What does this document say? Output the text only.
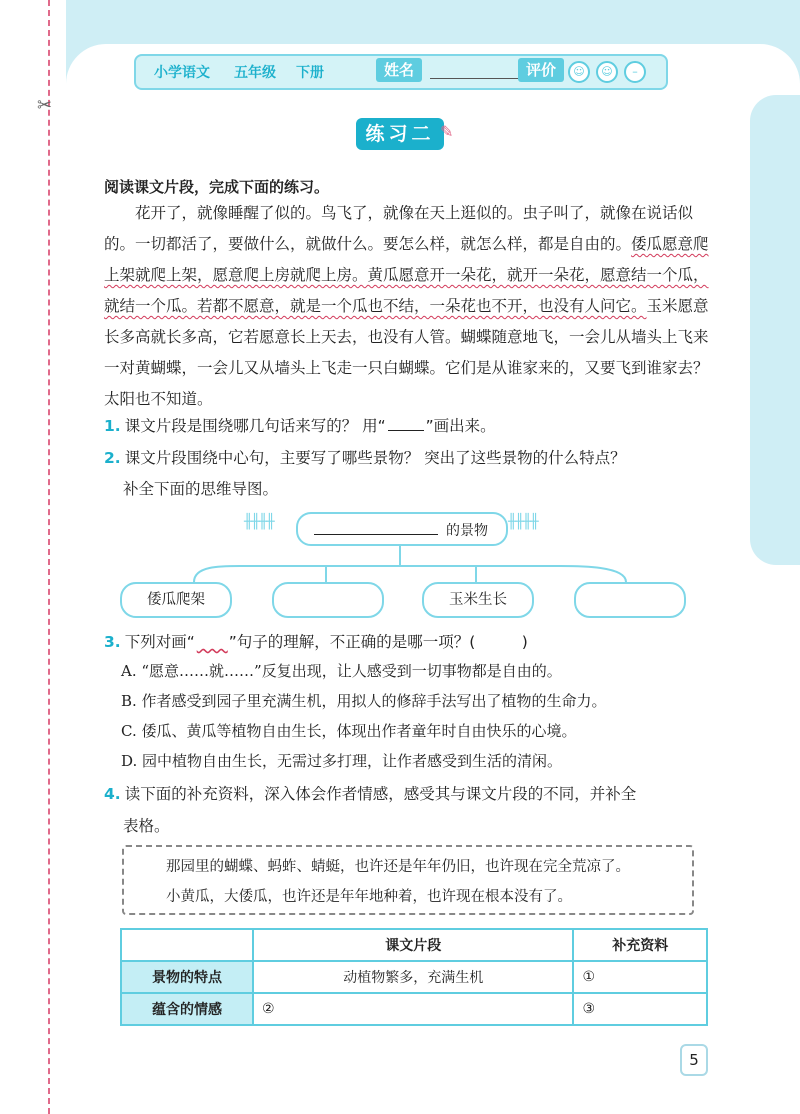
✂
小学语文 五年级 下册	姓名	评价	☺	☺	–
练习二 ✎
阅读课文片段，完成下面的练习。

花开了，就像睡醒了似的。鸟飞了，就像在天上逛似的。虫子叫了，就像在说话似的。一切都活了，要做什么，就做什么。要怎么样，就怎么样，都是自由的。倭瓜愿意爬上架就爬上架，愿意爬上房就爬上房。黄瓜愿意开一朵花，就开一朵花，愿意结一个瓜，就结一个瓜。若都不愿意，就是一个瓜也不结，一朵花也不开，也没有人问它。玉米愿意长多高就长多高，它若愿意长上天去，也没有人管。蝴蝶随意地飞，一会儿从墙头上飞来一对黄蝴蝶，一会儿又从墙头上飞走一只白蝴蝶。它们是从谁家来的，又要飞到谁家去？太阳也不知道。

1. 课文片段是围绕哪几句话来写的？ 用“	”画出来。
2. 课文片段围绕中心句，主要写了哪些景物？ 突出了这些景物的什么特点？
补全下面的思维导图。
╫╫╫╫	╫╫╫╫
的景物
倭瓜爬架	玉米生长
3. 下列对画“　　 ”句子的理解，不正确的是哪一项？(　　　)
A. “愿意……就……”反复出现，让人感受到一切事物都是自由的。
B. 作者感受到园子里充满生机，用拟人的修辞手法写出了植物的生命力。
C. 倭瓜、黄瓜等植物自由生长，体现出作者童年时自由快乐的心境。
D. 园中植物自由生长，无需过多打理，让作者感受到生活的清闲。
4. 读下面的补充资料，深入体会作者情感，感受其与课文片段的不同，并补全
表格。
那园里的蝴蝶、蚂蚱、蜻蜓，也许还是年年仍旧，也许现在完全荒凉了。
小黄瓜，大倭瓜，也许还是年年地种着，也许现在根本没有了。
	课文片段	补充资料
景物的特点	动植物繁多，充满生机	①
蕴含的情感	②	③
5
